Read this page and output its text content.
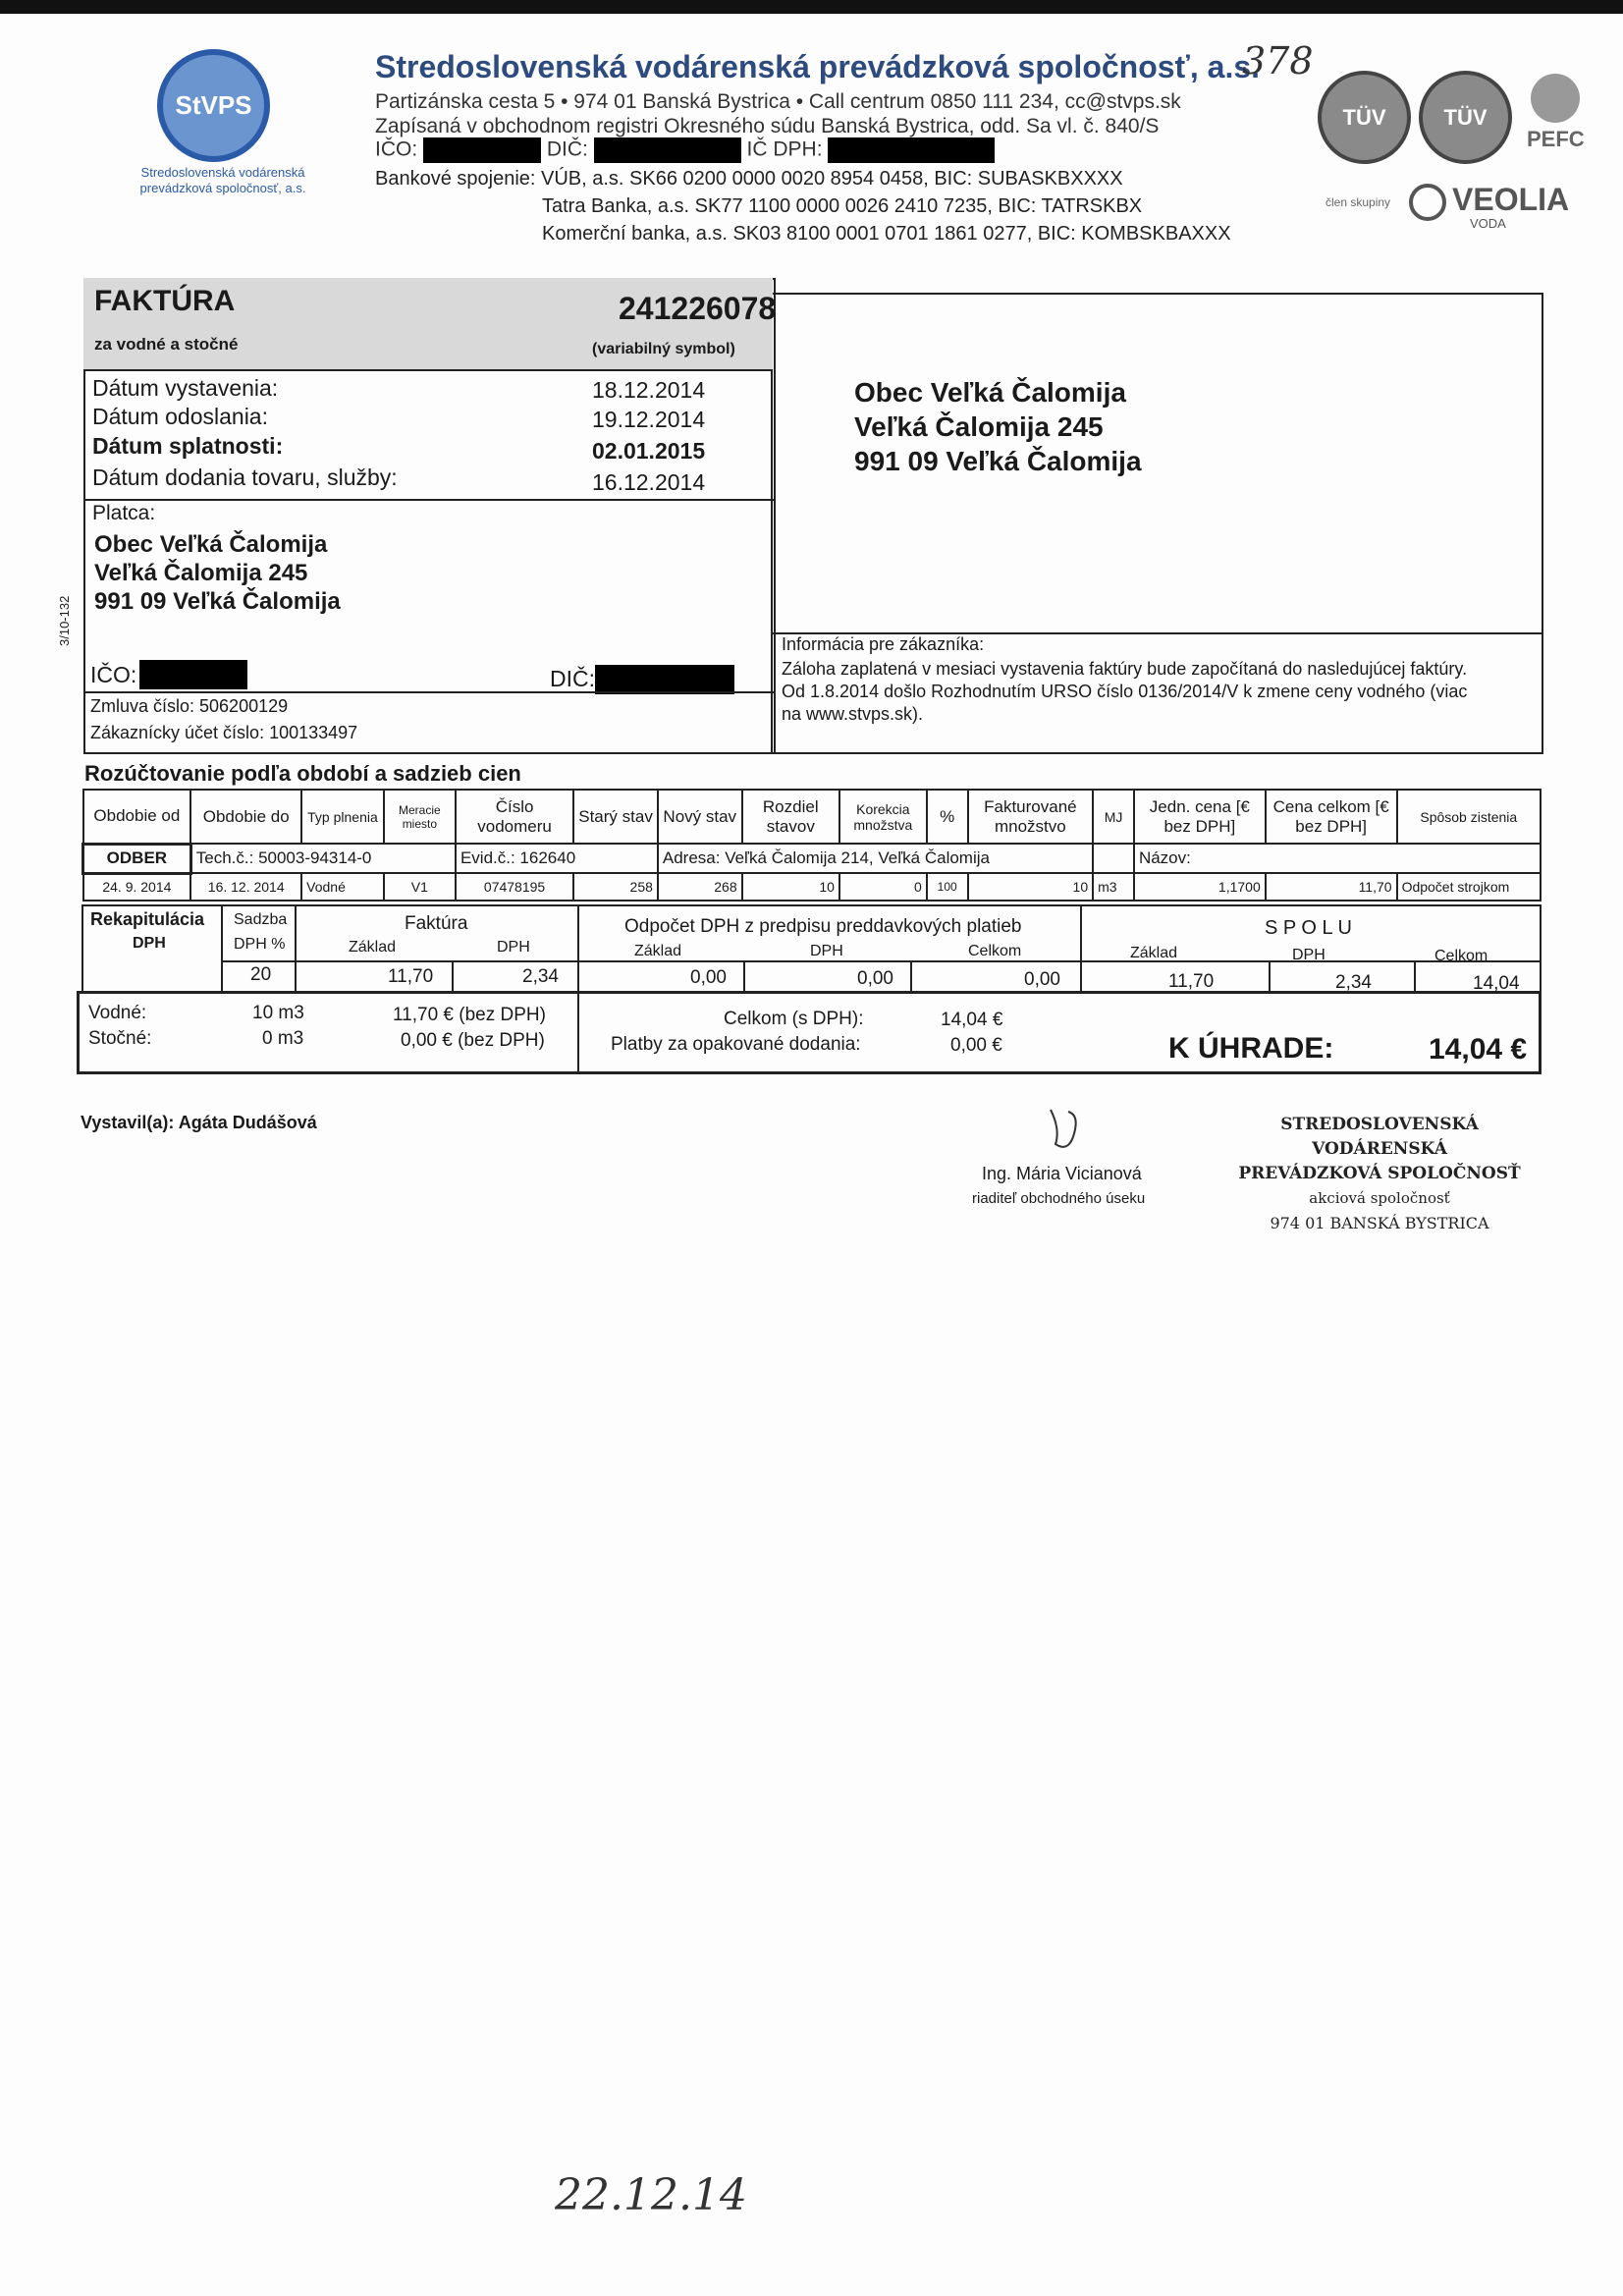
StVPS
Stredoslovenská vodárenská prevádzková spoločnosť, a.s.
Stredoslovenská vodárenská prevádzková spoločnosť, a.s.
Partizánska cesta 5 • 974 01 Banská Bystrica • Call centrum 0850 111 234, cc@stvps.sk
Zapísaná v obchodnom registri Okresného súdu Banská Bystrica, odd. Sa vl. č. 840/S
IČO:	DIČ:	IČ DPH:
Bankové spojenie: VÚB, a.s. SK66 0200 0000 0020 8954 0458, BIC: SUBASKBXXXX
Tatra Banka, a.s. SK77 1100 0000 0026 2410 7235, BIC: TATRSKBX
Komerční banka, a.s. SK03 8100 0001 0701 1861 0277, BIC: KOMBSKBAXXX
378
TÜV	TÜV
PEFC
člen skupiny	VEOLIA
VODA
FAKTÚRA
za vodné a stočné
241226078
(variabilný symbol)
Dátum vystavenia:	18.12.2014
Dátum odoslania:	19.12.2014
Dátum splatnosti:	02.01.2015
Dátum dodania tovaru, služby:	16.12.2014
Platca:
Obec Veľká Čalomija
Veľká Čalomija 245
991 09 Veľká Čalomija
3/10-132
IČO:	DIČ:
Zmluva číslo: 506200129
Zákaznícky účet číslo: 100133497
Obec Veľká Čalomija
Veľká Čalomija 245
991 09 Veľká Čalomija
Informácia pre zákazníka:
Záloha zaplatená v mesiaci vystavenia faktúry bude započítaná do nasledujúcej faktúry.
Od 1.8.2014 došlo Rozhodnutím URSO číslo 0136/2014/V k zmene ceny vodného (viac
na www.stvps.sk).
Rozúčtovanie podľa období a sadzieb cien
Obdobie od	Obdobie do	Typ plnenia	Meracie miesto	Číslo vodomeru	Starý stav	Nový stav	Rozdiel stavov	Korekcia množstva	%	Fakturované množstvo	MJ	Jedn. cena [€ bez DPH]	Cena celkom [€ bez DPH]	Spôsob zistenia
ODBER	Tech.č.: 50003-94314-0			Evid.č.: 162640		Adresa: Veľká Čalomija 214, Veľká Čalomija						Názov:		
24. 9. 2014	16. 12. 2014	Vodné	V1	07478195	258	268	10	0	100	10	m3	1,1700	11,70	Odpočet strojkom
Rekapitulácia
DPH
Sadzba
DPH %
Faktúra
Základ	DPH
Odpočet DPH z predpisu preddavkových platieb
Základ	DPH	Celkom
S P O L U
Základ	DPH	Celkom
20	11,70	2,34	0,00	0,00	0,00	11,70	2,34	14,04
Vodné:	10 m3	11,70 € (bez DPH)
Stočné:	0 m3	0,00 € (bez DPH)
Celkom (s DPH):	14,04 €
Platby za opakované dodania:	0,00 €	K ÚHRADE:	14,04 €
Vystavil(a): Agáta Dudášová
Ing. Mária Vicianová
riaditeľ obchodného úseku
STREDOSLOVENSKÁ VODÁRENSKÁ
PREVÁDZKOVÁ SPOLOČNOSŤ
akciová spoločnosť
974 01 BANSKÁ BYSTRICA
22.12.14
